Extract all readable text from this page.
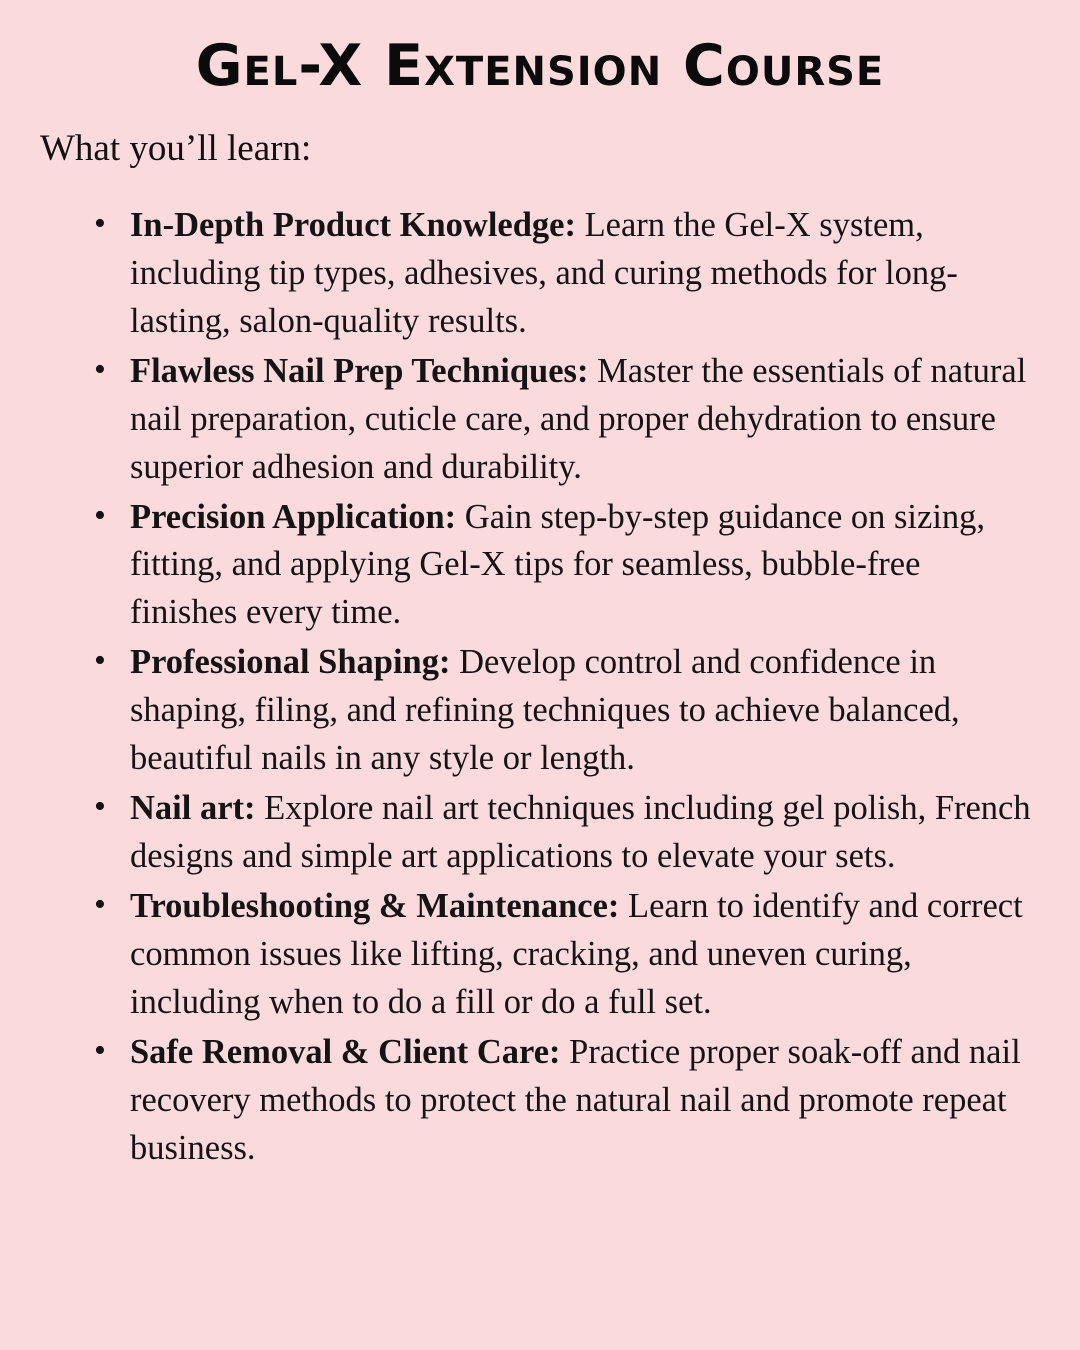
Gel-X Extension Course

What you’ll learn:

• In-Depth Product Knowledge: Learn the Gel-X system, including tip types, adhesives, and curing methods for long-lasting, salon-quality results.
• Flawless Nail Prep Techniques: Master the essentials of natural nail preparation, cuticle care, and proper dehydration to ensure superior adhesion and durability.
• Precision Application: Gain step-by-step guidance on sizing, fitting, and applying Gel-X tips for seamless, bubble-free finishes every time.
• Professional Shaping: Develop control and confidence in shaping, filing, and refining techniques to achieve balanced, beautiful nails in any style or length.
• Nail art: Explore nail art techniques including gel polish, French designs and simple art applications to elevate your sets.
• Troubleshooting & Maintenance: Learn to identify and correct common issues like lifting, cracking, and uneven curing, including when to do a fill or do a full set.
• Safe Removal & Client Care: Practice proper soak-off and nail recovery methods to protect the natural nail and promote repeat business.
